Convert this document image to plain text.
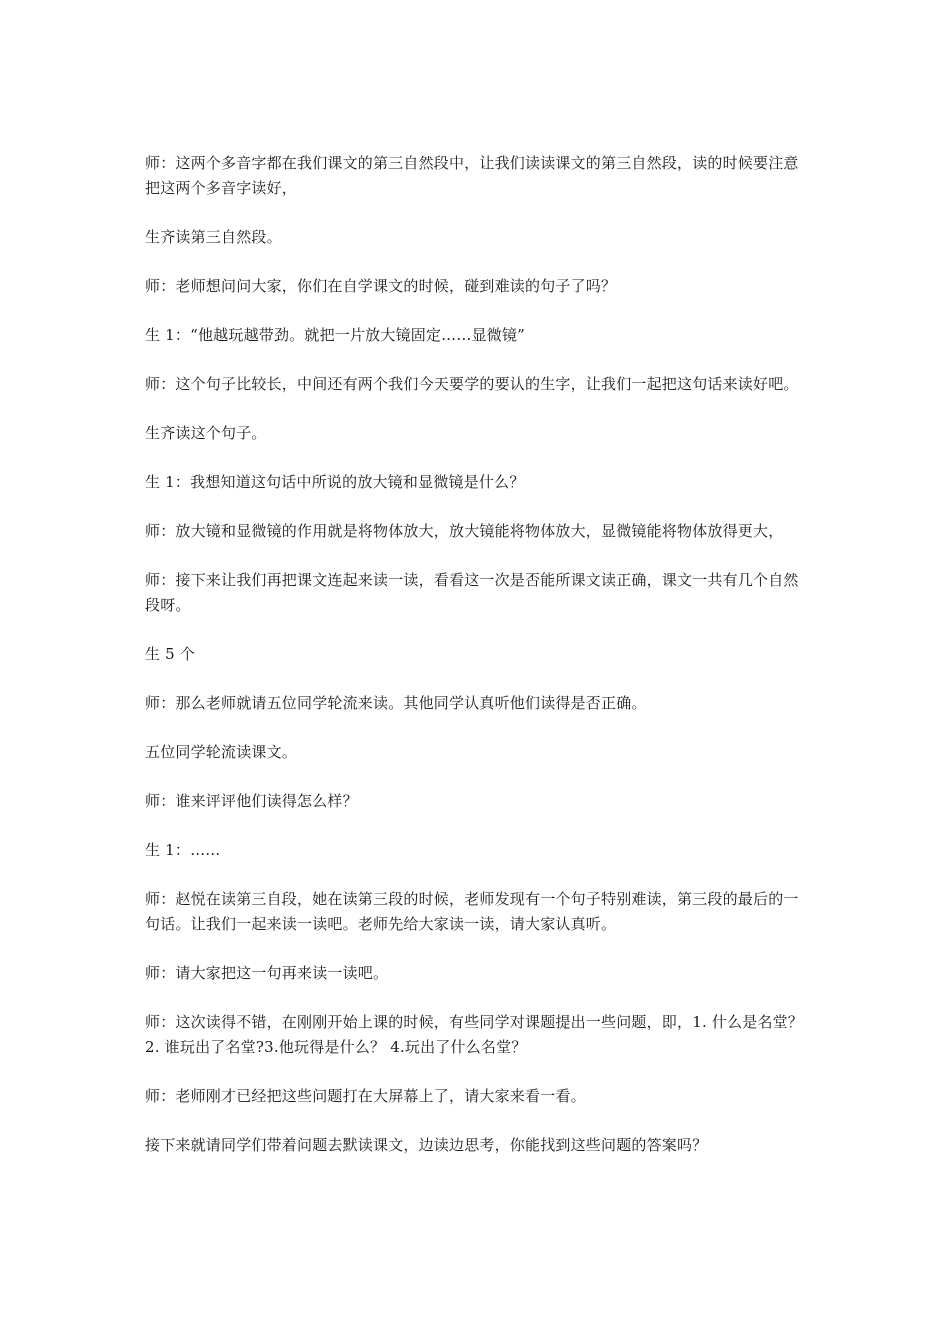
师：这两个多音字都在我们课文的第三自然段中，让我们读读课文的第三自然段，读的时候要注意把这两个多音字读好，

生齐读第三自然段。

师：老师想问问大家，你们在自学课文的时候，碰到难读的句子了吗？

生 1：“他越玩越带劲。就把一片放大镜固定……显微镜”

师：这个句子比较长，中间还有两个我们今天要学的要认的生字，让我们一起把这句话来读好吧。

生齐读这个句子。

生 1：我想知道这句话中所说的放大镜和显微镜是什么？

师：放大镜和显微镜的作用就是将物体放大，放大镜能将物体放大，显微镜能将物体放得更大，

师：接下来让我们再把课文连起来读一读，看看这一次是否能所课文读正确，课文一共有几个自然段呀。

生 5 个

师：那么老师就请五位同学轮流来读。其他同学认真听他们读得是否正确。

五位同学轮流读课文。

师：谁来评评他们读得怎么样？

生 1：……

师：赵悦在读第三自段，她在读第三段的时候，老师发现有一个句子特别难读，第三段的最后的一句话。让我们一起来读一读吧。老师先给大家读一读，请大家认真听。

师：请大家把这一句再来读一读吧。

师：这次读得不错，在刚刚开始上课的时候，有些同学对课题提出一些问题，即，1. 什么是名堂？ 2. 谁玩出了名堂?3.他玩得是什么？ 4.玩出了什么名堂？

师：老师刚才已经把这些问题打在大屏幕上了，请大家来看一看。

接下来就请同学们带着问题去默读课文，边读边思考，你能找到这些问题的答案吗？
